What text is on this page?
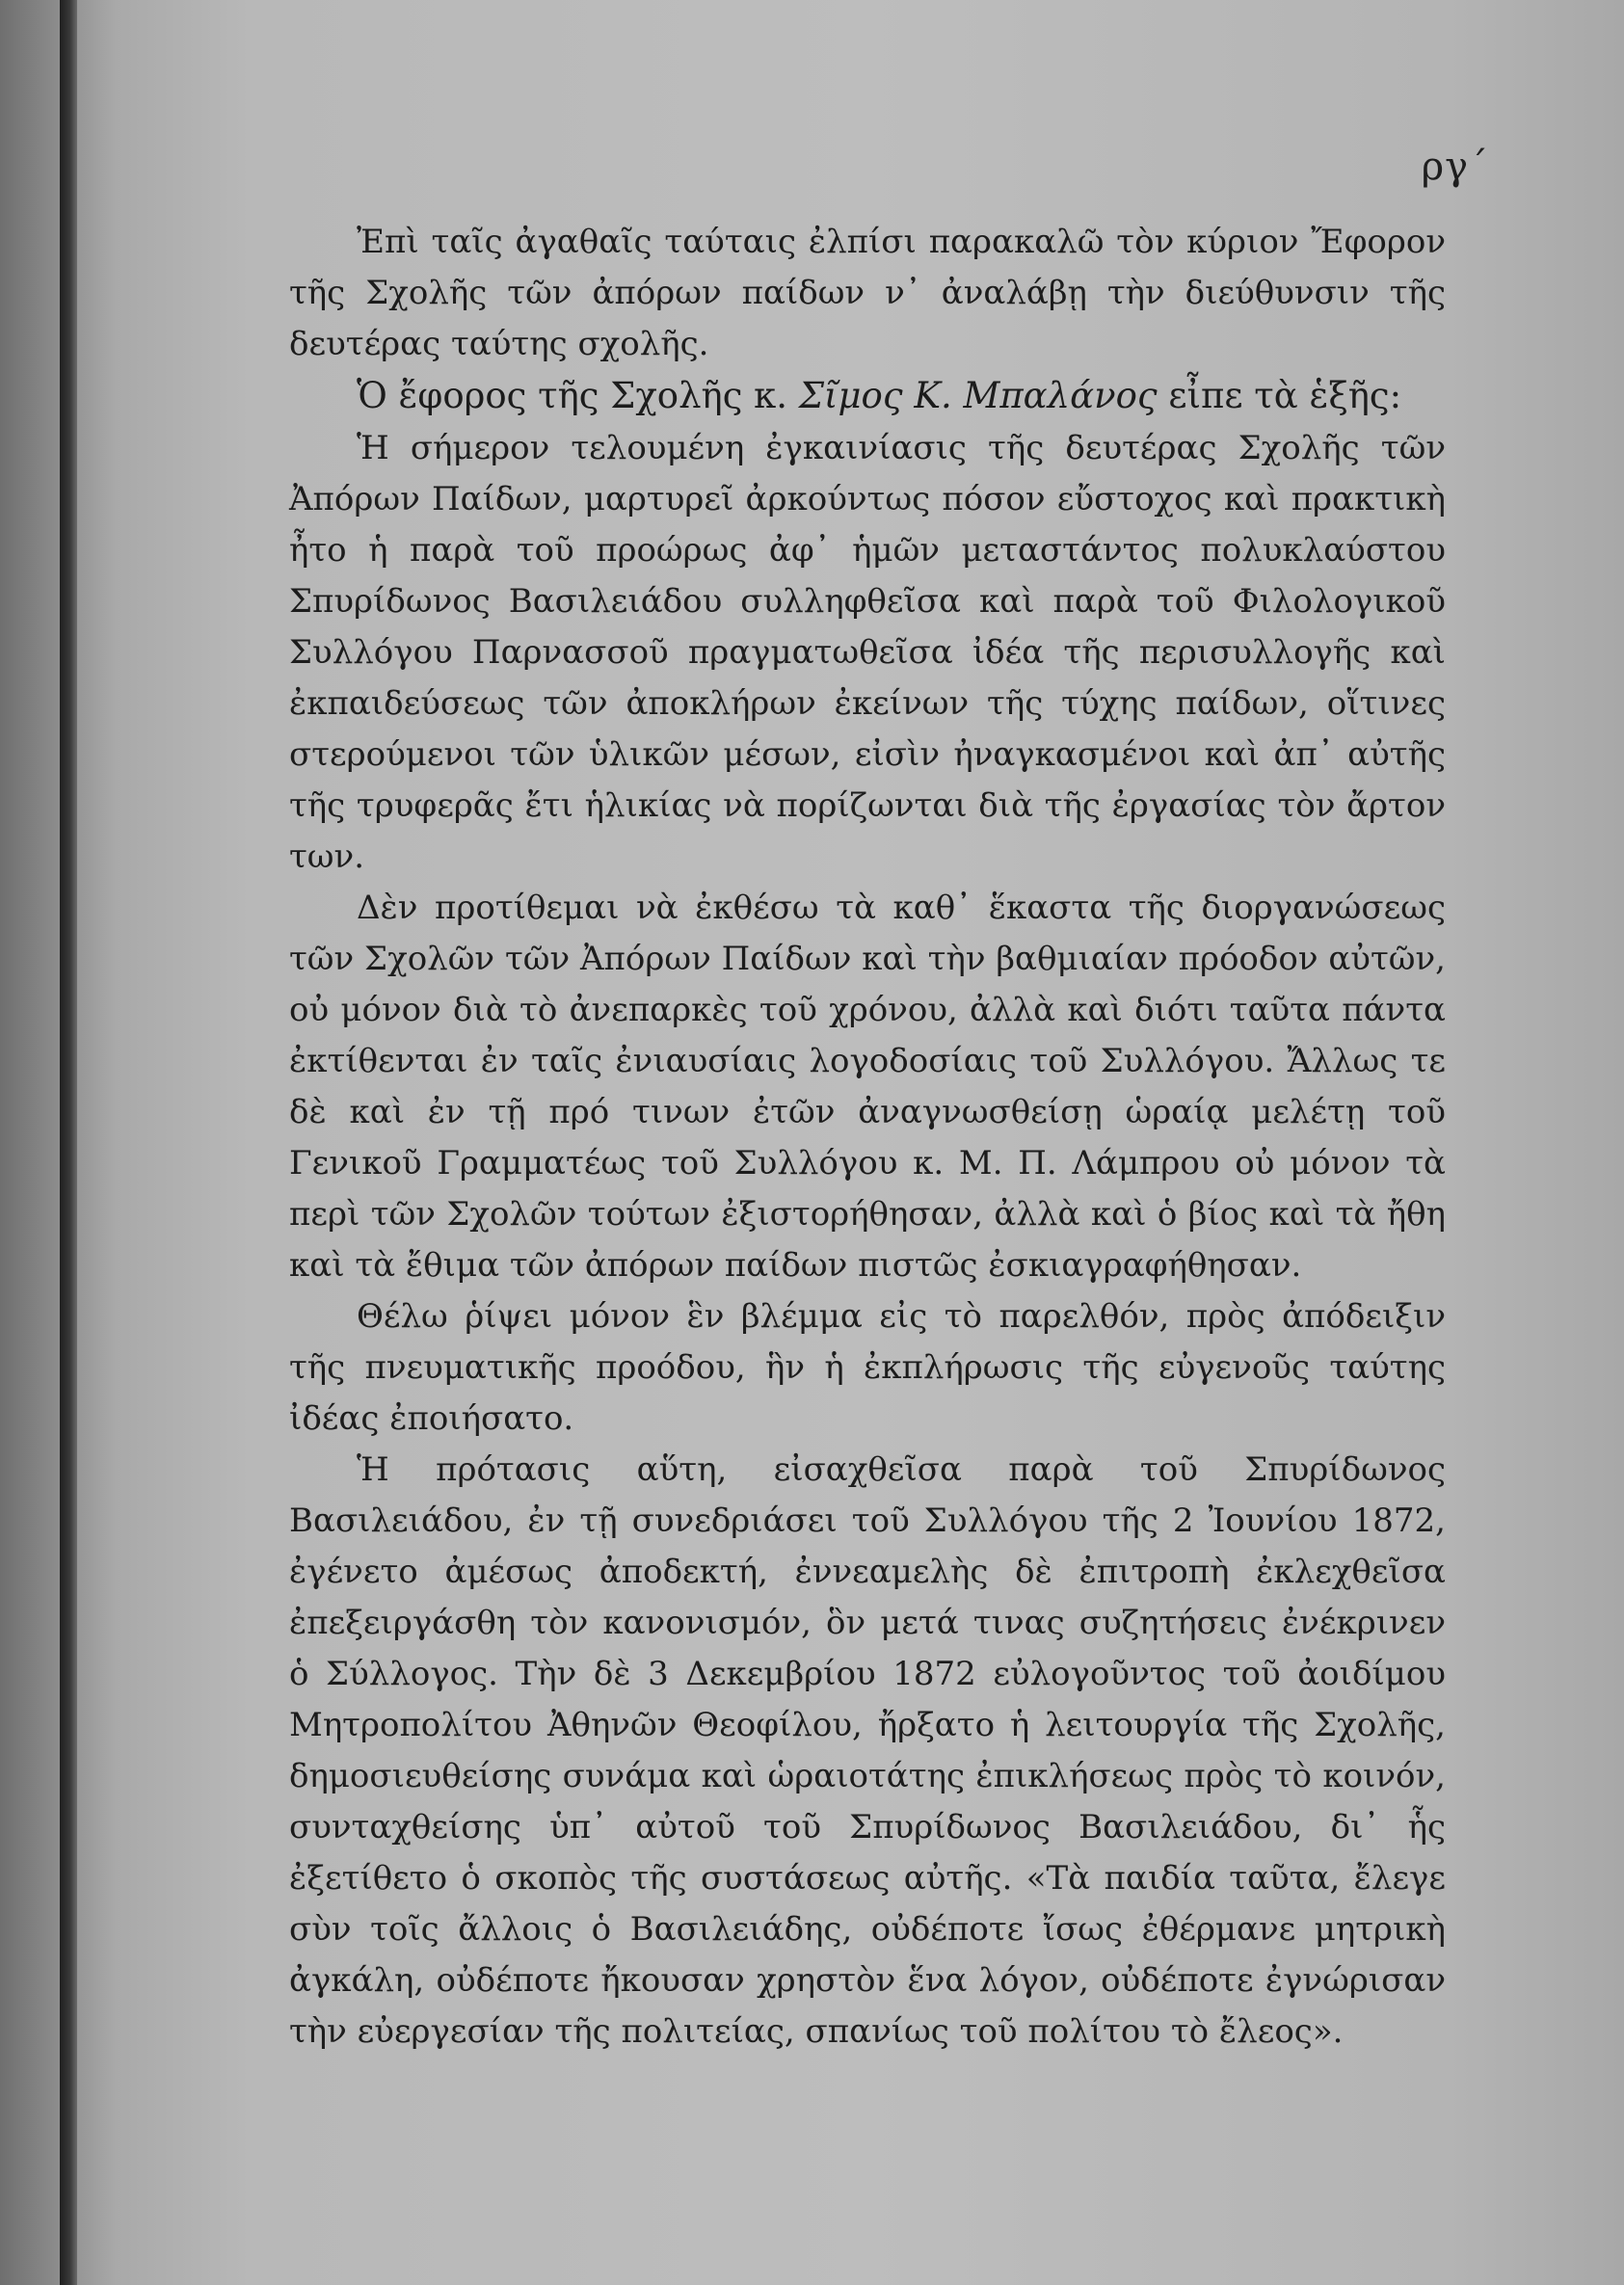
ργ΄

Ἐπὶ ταῖς ἀγαθαῖς ταύταις ἐλπίσι παρακαλῶ τὸν κύριον Ἔφορον τῆς Σχολῆς τῶν ἀπόρων παίδων ν᾽ ἀναλάβῃ τὴν διεύθυνσιν τῆς δευτέρας ταύτης σχολῆς.

Ὁ ἔφορος τῆς Σχολῆς κ. Σῖμος Κ. Μπαλάνος εἶπε τὰ ἑξῆς:

Ἡ σήμερον τελουμένη ἐγκαινίασις τῆς δευτέρας Σχολῆς τῶν Ἀπόρων Παίδων, μαρτυρεῖ ἀρκούντως πόσον εὔστοχος καὶ πρακτικὴ ἦτο ἡ παρὰ τοῦ προώρως ἀφ᾽ ἡμῶν μεταστάντος πολυκλαύστου Σπυρίδωνος Βασιλειάδου συλληφθεῖσα καὶ παρὰ τοῦ Φιλολογικοῦ Συλλόγου Παρνασσοῦ πραγματωθεῖσα ἰδέα τῆς περισυλλογῆς καὶ ἐκπαιδεύσεως τῶν ἀποκλήρων ἐκείνων τῆς τύχης παίδων, οἵτινες στερούμενοι τῶν ὑλικῶν μέσων, εἰσὶν ἠναγκασμένοι καὶ ἀπ᾽ αὐτῆς τῆς τρυφερᾶς ἔτι ἡλικίας νὰ πορίζωνται διὰ τῆς ἐργασίας τὸν ἄρτον των.

Δὲν προτίθεμαι νὰ ἐκθέσω τὰ καθ᾽ ἕκαστα τῆς διοργανώσεως τῶν Σχολῶν τῶν Ἀπόρων Παίδων καὶ τὴν βαθμιαίαν πρόοδον αὐτῶν, οὐ μόνον διὰ τὸ ἀνεπαρκὲς τοῦ χρόνου, ἀλλὰ καὶ διότι ταῦτα πάντα ἐκτίθενται ἐν ταῖς ἐνιαυσίαις λογοδοσίαις τοῦ Συλλόγου. Ἄλλως τε δὲ καὶ ἐν τῇ πρό τινων ἐτῶν ἀναγνωσθείσῃ ὡραίᾳ μελέτῃ τοῦ Γενικοῦ Γραμματέως τοῦ Συλλόγου κ. Μ. Π. Λάμπρου οὐ μόνον τὰ περὶ τῶν Σχολῶν τούτων ἐξιστορήθησαν, ἀλλὰ καὶ ὁ βίος καὶ τὰ ἤθη καὶ τὰ ἔθιμα τῶν ἀπόρων παίδων πιστῶς ἐσκιαγραφήθησαν.

Θέλω ῥίψει μόνον ἓν βλέμμα εἰς τὸ παρελθόν, πρὸς ἀπόδειξιν τῆς πνευματικῆς προόδου, ἣν ἡ ἐκπλήρωσις τῆς εὐγενοῦς ταύτης ἰδέας ἐποιήσατο.

Ἡ πρότασις αὕτη, εἰσαχθεῖσα παρὰ τοῦ Σπυρίδωνος Βασιλειάδου, ἐν τῇ συνεδριάσει τοῦ Συλλόγου τῆς 2 Ἰουνίου 1872, ἐγένετο ἀμέσως ἀποδεκτή, ἐννεαμελὴς δὲ ἐπιτροπὴ ἐκλεχθεῖσα ἐπεξειργάσθη τὸν κανονισμόν, ὃν μετά τινας συζητήσεις ἐνέκρινεν ὁ Σύλλογος. Τὴν δὲ 3 Δεκεμβρίου 1872 εὐλογοῦντος τοῦ ἀοιδίμου Μητροπολίτου Ἀθηνῶν Θεοφίλου, ἤρξατο ἡ λειτουργία τῆς Σχολῆς, δημοσιευθείσης συνάμα καὶ ὡραιοτάτης ἐπικλήσεως πρὸς τὸ κοινόν, συνταχθείσης ὑπ᾽ αὐτοῦ τοῦ Σπυρίδωνος Βασιλειάδου, δι᾽ ἧς ἐξετίθετο ὁ σκοπὸς τῆς συστάσεως αὐτῆς. «Τὰ παιδία ταῦτα, ἔλεγε σὺν τοῖς ἄλλοις ὁ Βασιλειάδης, οὐδέποτε ἴσως ἐθέρμανε μητρικὴ ἀγκάλη, οὐδέποτε ἤκουσαν χρηστὸν ἕνα λόγον, οὐδέποτε ἐγνώρισαν τὴν εὐεργεσίαν τῆς πολιτείας, σπανίως τοῦ πολίτου τὸ ἔλεος».
